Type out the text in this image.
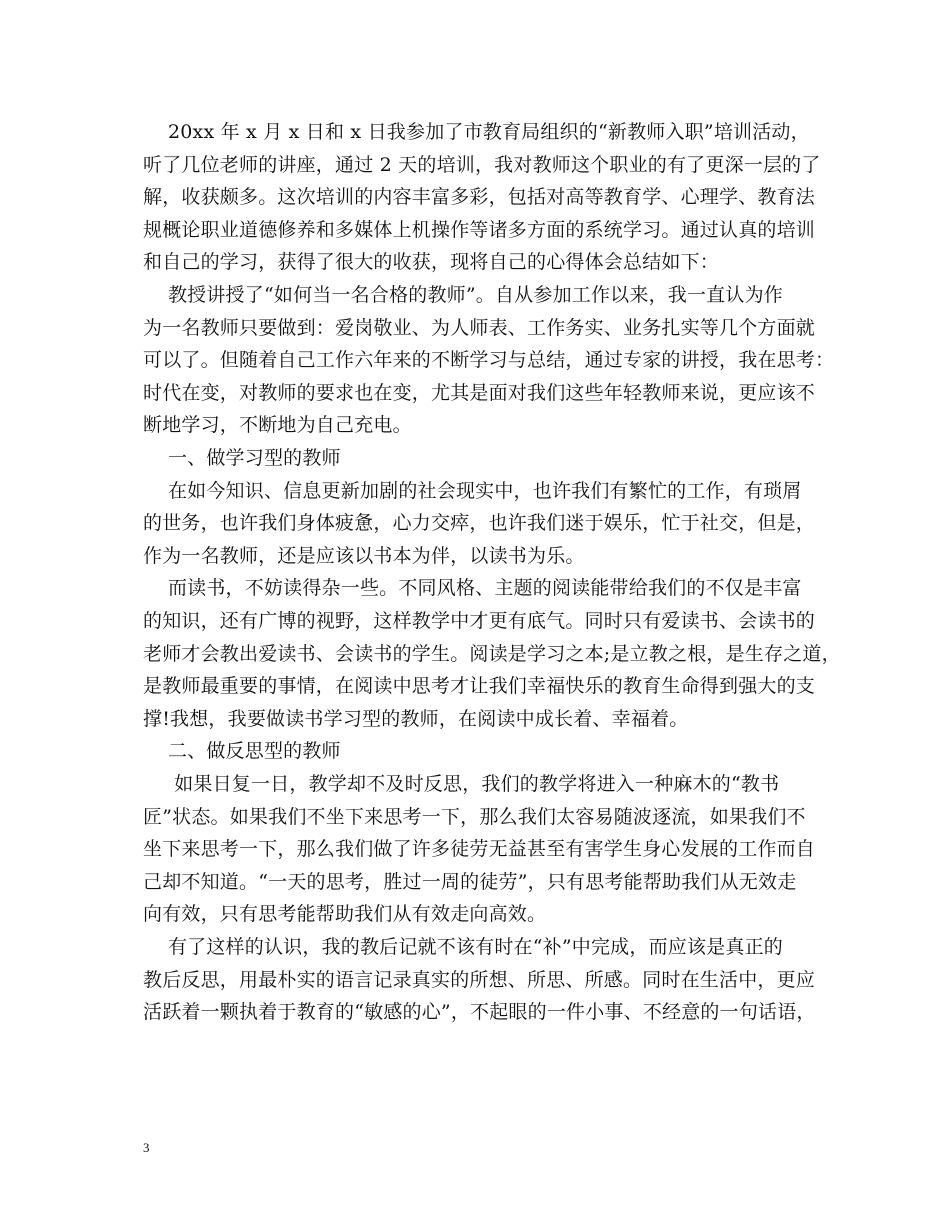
20xx 年 x 月 x 日和 x 日我参加了市教育局组织的“新教师入职”培训活动，
听了几位老师的讲座，通过 2 天的培训，我对教师这个职业的有了更深一层的了
解，收获颇多。这次培训的内容丰富多彩，包括对高等教育学、心理学、教育法
规概论职业道德修养和多媒体上机操作等诸多方面的系统学习。通过认真的培训
和自己的学习，获得了很大的收获，现将自己的心得体会总结如下：
教授讲授了“如何当一名合格的教师”。自从参加工作以来，我一直认为作
为一名教师只要做到：爱岗敬业、为人师表、工作务实、业务扎实等几个方面就
可以了。但随着自己工作六年来的不断学习与总结，通过专家的讲授，我在思考：
时代在变，对教师的要求也在变，尤其是面对我们这些年轻教师来说，更应该不
断地学习，不断地为自己充电。
一、做学习型的教师
在如今知识、信息更新加剧的社会现实中，也许我们有繁忙的工作，有琐屑
的世务，也许我们身体疲惫，心力交瘁，也许我们迷于娱乐，忙于社交，但是，
作为一名教师，还是应该以书本为伴，以读书为乐。
而读书，不妨读得杂一些。不同风格、主题的阅读能带给我们的不仅是丰富
的知识，还有广博的视野，这样教学中才更有底气。同时只有爱读书、会读书的
老师才会教出爱读书、会读书的学生。阅读是学习之本;是立教之根，是生存之道，
是教师最重要的事情，在阅读中思考才让我们幸福快乐的教育生命得到强大的支
撑!我想，我要做读书学习型的教师，在阅读中成长着、幸福着。
二、做反思型的教师
如果日复一日，教学却不及时反思，我们的教学将进入一种麻木的“教书
匠”状态。如果我们不坐下来思考一下，那么我们太容易随波逐流，如果我们不
坐下来思考一下，那么我们做了许多徒劳无益甚至有害学生身心发展的工作而自
己却不知道。“一天的思考，胜过一周的徒劳”，只有思考能帮助我们从无效走
向有效，只有思考能帮助我们从有效走向高效。
有了这样的认识，我的教后记就不该有时在“补”中完成，而应该是真正的
教后反思，用最朴实的语言记录真实的所想、所思、所感。同时在生活中，更应
活跃着一颗执着于教育的“敏感的心”，不起眼的一件小事、不经意的一句话语，
3
